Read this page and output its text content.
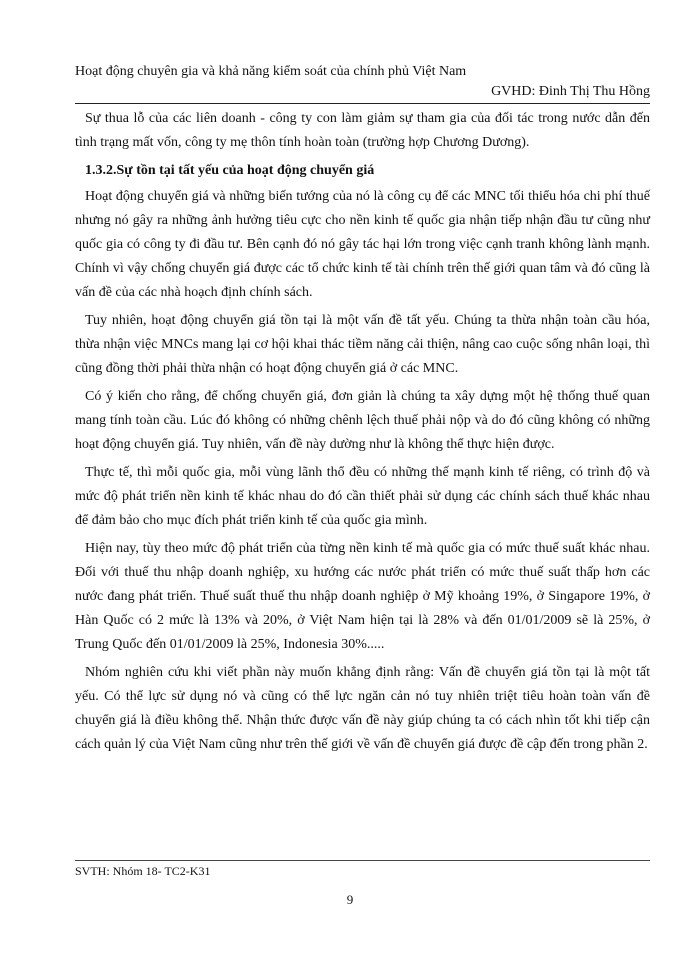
Hoạt động chuyên gia và khả năng kiểm soát của chính phủ Việt Nam
GVHD: Đinh Thị Thu Hồng

Sự thua lỗ của các liên doanh - công ty con làm giảm sự tham gia của đối tác trong nước dẫn đến tình trạng mất vốn, công ty mẹ thôn tính hoàn toàn (trường hợp Chương Dương).

1.3.2.Sự tồn tại tất yếu của hoạt động chuyển giá

Hoạt động chuyển giá và những biến tướng của nó là công cụ để các MNC tối thiểu hóa chi phí thuế nhưng nó gây ra những ảnh hưởng tiêu cực cho nền kinh tế quốc gia nhận tiếp nhận đầu tư cũng như quốc gia có công ty đi đầu tư. Bên cạnh đó nó gây tác hại lớn trong việc cạnh tranh không lành mạnh. Chính vì vậy chống chuyển giá được các tổ chức kinh tế tài chính trên thế giới quan tâm và đó cũng là vấn đề của các nhà hoạch định chính sách.

Tuy nhiên, hoạt động chuyển giá tồn tại là một vấn đề tất yếu. Chúng ta thừa nhận toàn cầu hóa, thừa nhận việc MNCs mang lại cơ hội khai thác tiềm năng cải thiện, nâng cao cuộc sống nhân loại, thì cũng đồng thời phải thừa nhận có hoạt động chuyển giá ở các MNC.

Có ý kiến cho rằng, để chống chuyển giá, đơn giản là chúng ta xây dựng một hệ thống thuế quan mang tính toàn cầu. Lúc đó không có những chênh lệch thuế phải nộp và do đó cũng không có những hoạt động chuyển giá. Tuy nhiên, vấn đề này dường như là không thể thực hiện được.

Thực tế, thì mỗi quốc gia, mỗi vùng lãnh thổ đều có những thế mạnh kinh tế riêng, có trình độ và mức độ phát triển nền kinh tế khác nhau do đó cần thiết phải sử dụng các chính sách thuế khác nhau để đảm bảo cho mục đích phát triển kinh tế của quốc gia mình.

Hiện nay, tùy theo mức độ phát triển của từng nền kinh tế mà quốc gia có mức thuế suất khác nhau. Đối với thuế thu nhập doanh nghiệp, xu hướng các nước phát triển có mức thuế suất thấp hơn các nước đang phát triển. Thuế suất thuế thu nhập doanh nghiệp ở Mỹ khoảng 19%, ở Singapore 19%, ở Hàn Quốc có 2 mức là 13% và 20%, ở Việt Nam hiện tại là 28% và đến 01/01/2009 sẽ là 25%, ở Trung Quốc đến 01/01/2009 là 25%, Indonesia 30%.....

Nhóm nghiên cứu khi viết phần này muốn khẳng định rằng: Vấn đề chuyển giá tồn tại là một tất yếu. Có thể lực sử dụng nó và cũng có thể lực ngăn cản nó tuy nhiên triệt tiêu hoàn toàn vấn đề chuyển giá là điều không thể. Nhận thức được vấn đề này giúp chúng ta có cách nhìn tốt khi tiếp cận cách quản lý của Việt Nam cũng như trên thế giới về vấn đề chuyển giá được đề cập đến trong phần 2.

SVTH: Nhóm 18- TC2-K31
9
